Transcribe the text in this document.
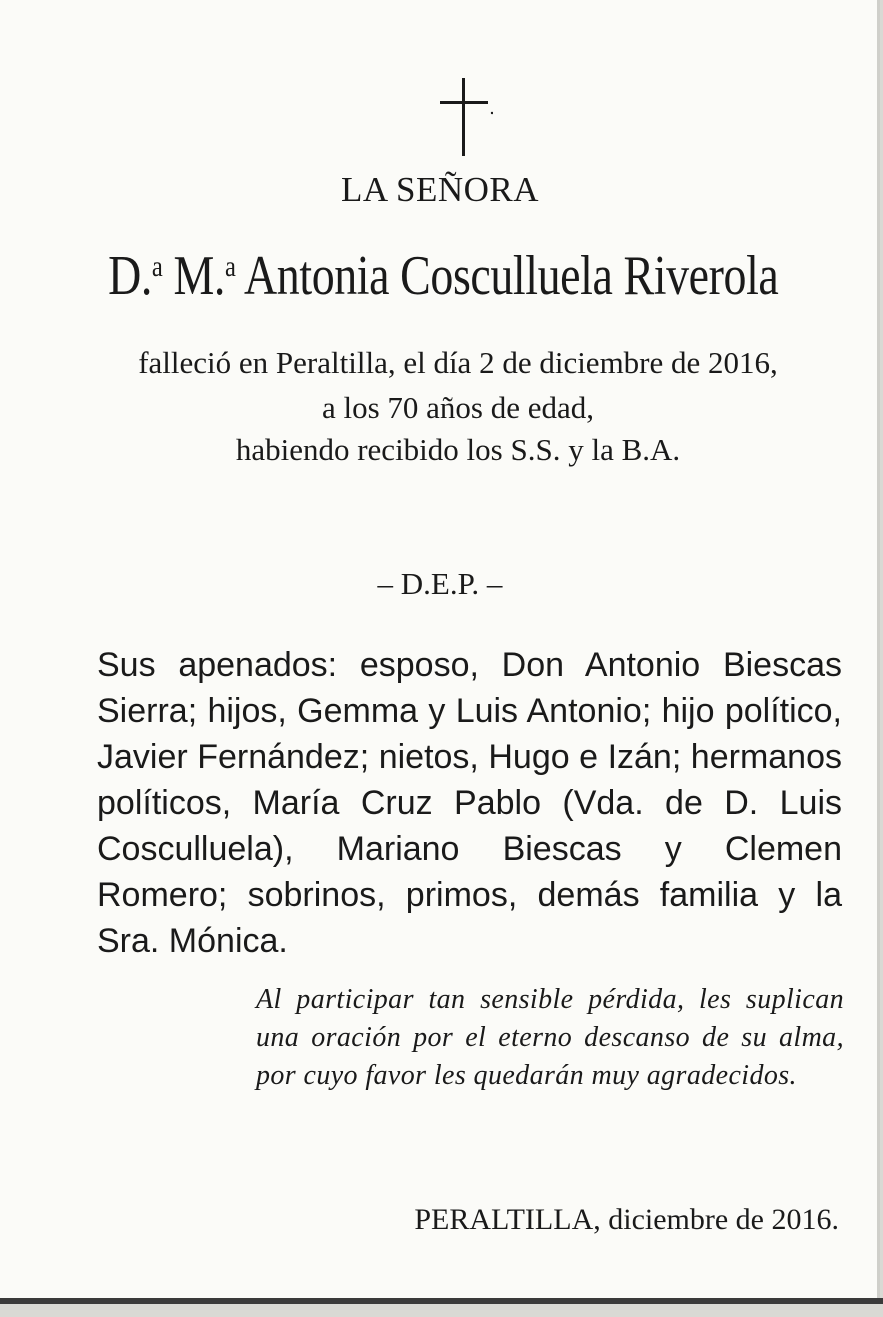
LA SEÑORA
D.$^a$ M.$^a$ Antonia Cosculluela Riverola
falleció en Peraltilla, el día 2 de diciembre de 2016,
a los 70 años de edad,
habiendo recibido los S.S. y la B.A.
– D.E.P. –
Sus apenados: esposo, Don Antonio Biescas Sierra; hijos, Gemma y Luis Antonio; hijo político, Javier Fernández; nietos, Hugo e Izán; hermanos políticos, María Cruz Pablo (Vda. de D. Luis Cosculluela), Mariano Biescas y Clemen Romero; sobrinos, primos, demás familia y la Sra. Mónica.
Al participar tan sensible pérdida, les suplican una oración por el eterno descanso de su alma, por cuyo favor les quedarán muy agradecidos.
PERALTILLA, diciembre de 2016.
